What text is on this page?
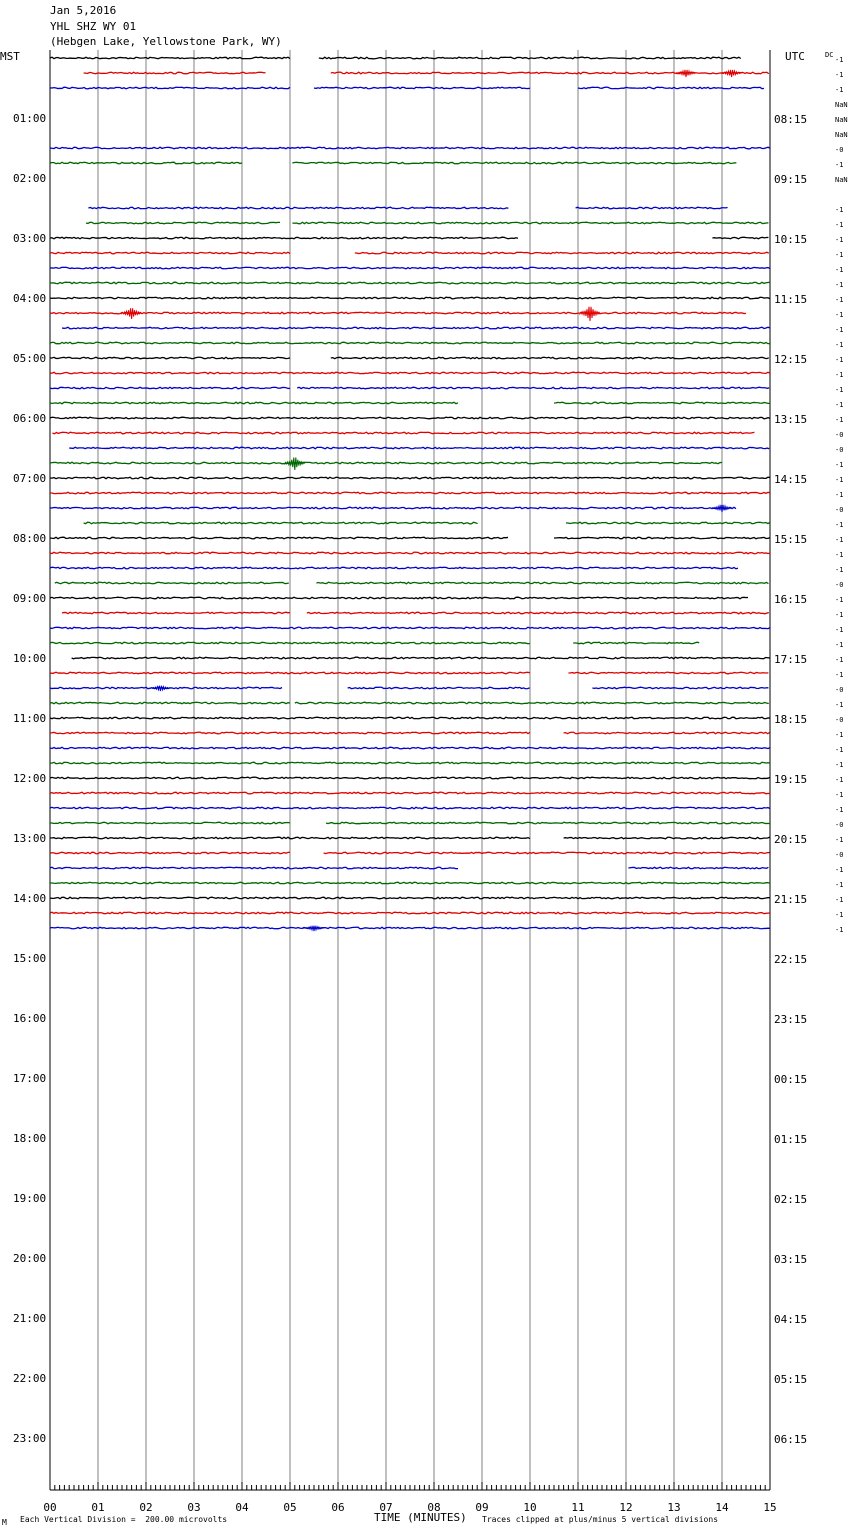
Jan 5,2016
YHL SHZ WY 01
(Hebgen Lake, Yellowstone Park, WY)
MST	UTC
M Each Vertical Division =  200.00 microvolts	TIME (MINUTES) Traces clipped at plus/minus 5 vertical divisions
00	01	02	03	04	05	06	07	08	09	10	11	12	13	14	15
01:00
02:00
03:00
04:00
05:00
06:00
07:00
08:00
09:00
10:00
11:00
12:00
13:00
14:00
15:00
16:00
17:00
18:00
19:00
20:00
21:00
22:00
23:00
08:15
09:15
10:15
11:15
12:15
13:15
14:15
15:15
16:15
17:15
18:15
19:15
20:15
21:15
22:15
23:15
00:15
01:15
02:15
03:15
04:15
05:15
06:15
DC
-1
-1
-1
NaN
NaN
NaN
-0
-1
NaN
-1
-1
-1
-1
-1
-1
-1
-1
-1
-1
-1
-1
-1
-1
-1
-0
-0
-1
-1
-1
-0
-1
-1
-1
-1
-0
-1
-1
-1
-1
-1
-1
-0
-1
-0
-1
-1
-1
-1
-1
-1
-0
-1
-0
-1
-1
-1
-1
-1
